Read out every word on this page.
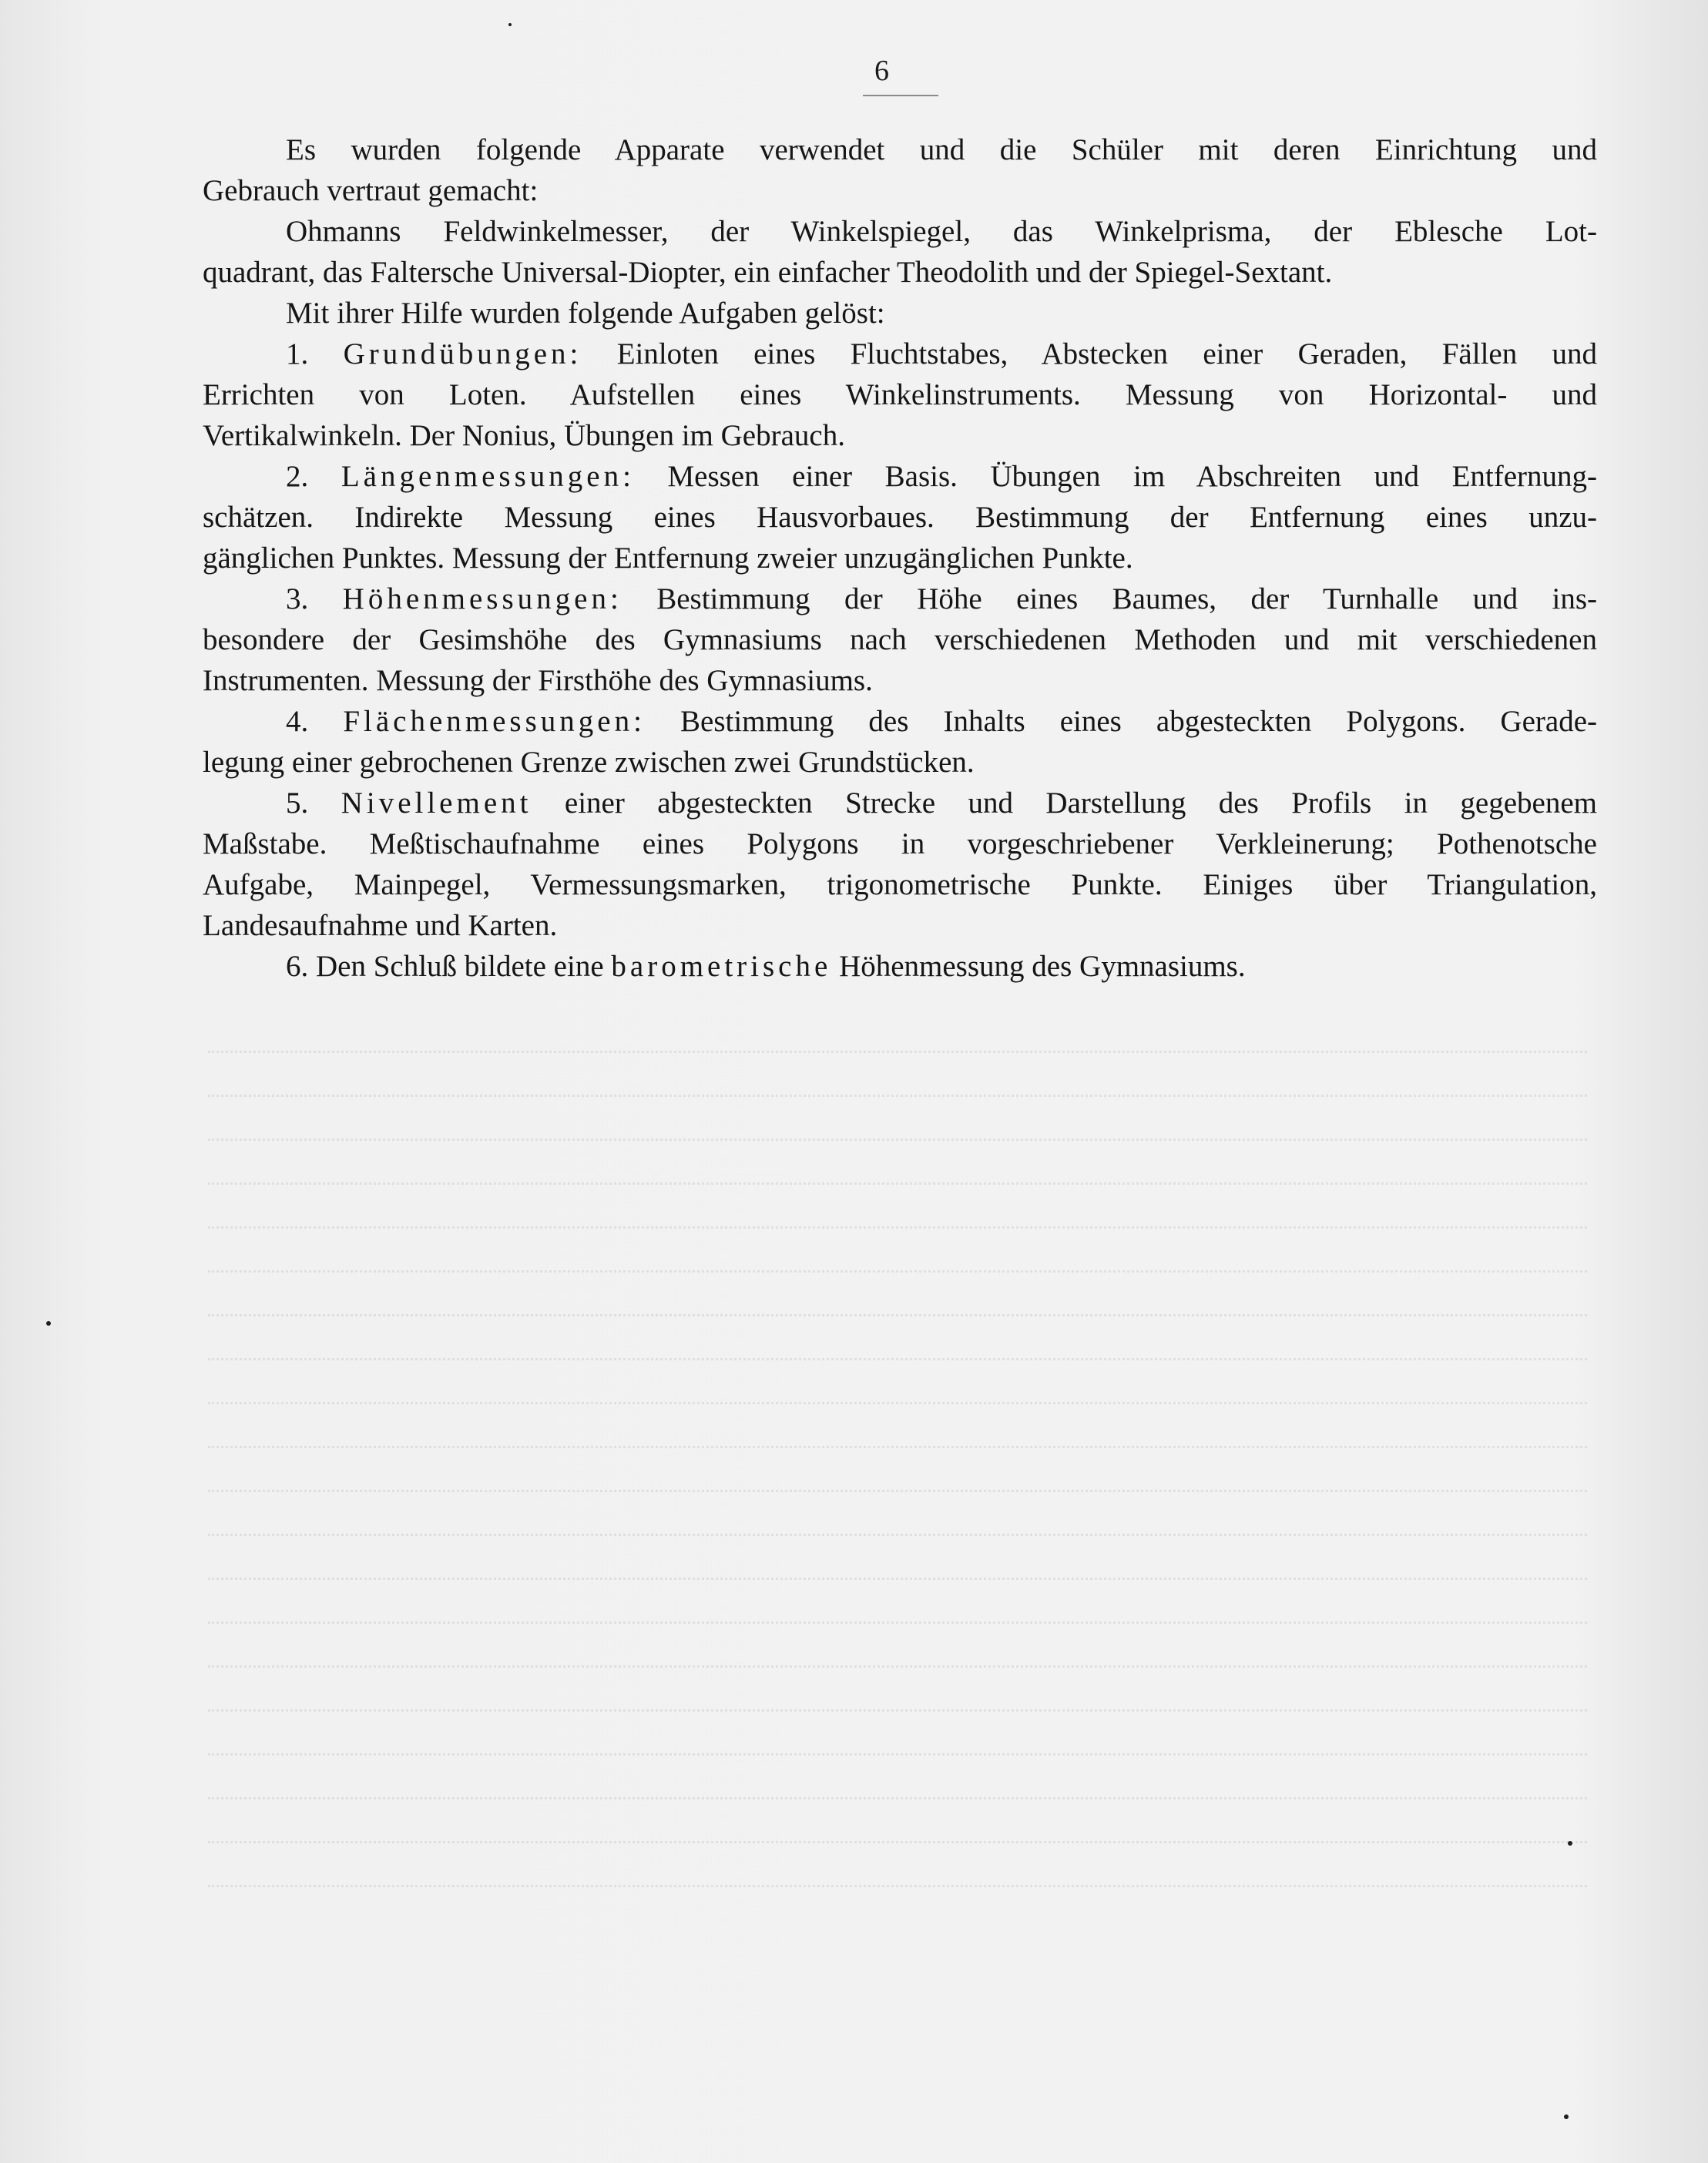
6
Es wurden folgende Apparate verwendet und die Schüler mit deren Einrichtung und
Gebrauch vertraut gemacht:
Ohmanns Feldwinkelmesser, der Winkelspiegel, das Winkelprisma, der Eblesche Lot-
quadrant, das Faltersche Universal-Diopter, ein einfacher Theodolith und der Spiegel-Sextant.
Mit ihrer Hilfe wurden folgende Aufgaben gelöst:
1. Grundübungen: Einloten eines Fluchtstabes, Abstecken einer Geraden, Fällen und
Errichten von Loten. Aufstellen eines Winkelinstruments. Messung von Horizontal- und
Vertikalwinkeln. Der Nonius, Übungen im Gebrauch.
2. Längenmessungen: Messen einer Basis. Übungen im Abschreiten und Entfernung-
schätzen. Indirekte Messung eines Hausvorbaues. Bestimmung der Entfernung eines unzu-
gänglichen Punktes. Messung der Entfernung zweier unzugänglichen Punkte.
3. Höhenmessungen: Bestimmung der Höhe eines Baumes, der Turnhalle und ins-
besondere der Gesimshöhe des Gymnasiums nach verschiedenen Methoden und mit verschiedenen
Instrumenten. Messung der Firsthöhe des Gymnasiums.
4. Flächenmessungen: Bestimmung des Inhalts eines abgesteckten Polygons. Gerade-
legung einer gebrochenen Grenze zwischen zwei Grundstücken.
5. Nivellement einer abgesteckten Strecke und Darstellung des Profils in gegebenem
Maßstabe. Meßtischaufnahme eines Polygons in vorgeschriebener Verkleinerung; Pothenotsche
Aufgabe, Mainpegel, Vermessungsmarken, trigonometrische Punkte. Einiges über Triangulation,
Landesaufnahme und Karten.
6. Den Schluß bildete eine barometrische Höhenmessung des Gymnasiums.
